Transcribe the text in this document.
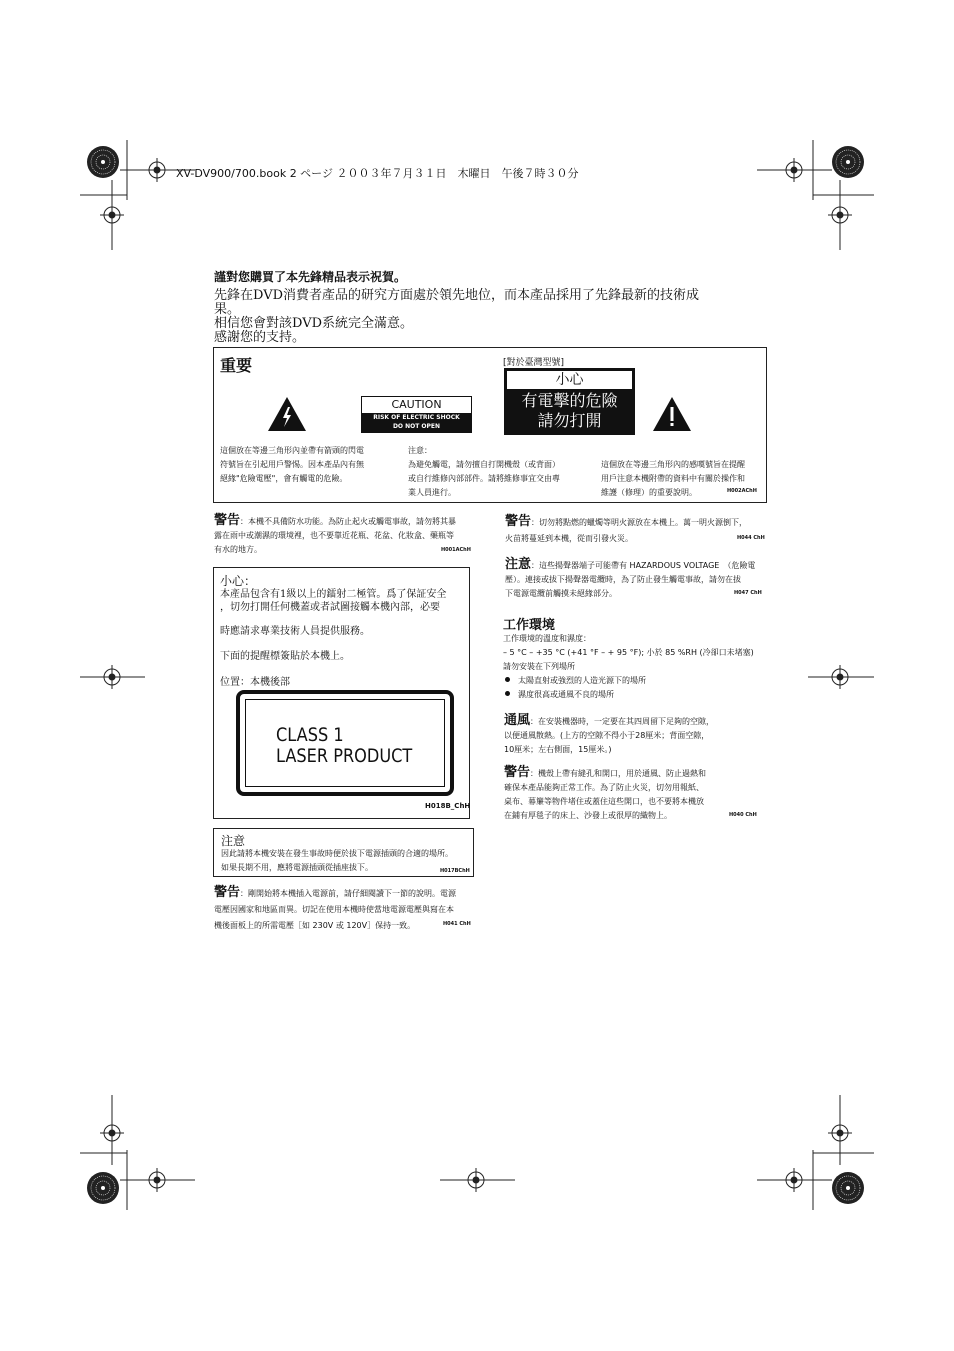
XV-DV900/700.book 2 ページ ２００３年７月３１日　木曜日　午後７時３０分
謹對您購買了本先鋒精品表示祝賀。
先鋒在DVD消費者產品的研究方面處於領先地位，而本產品採用了先鋒最新的技術成
果。
相信您會對該DVD系統完全滿意。
感謝您的支持。
重要	[對於臺灣型號]
CAUTION
RISK OF ELECTRIC SHOCK
DO NOT OPEN
小心
有電擊的危險
請勿打開
這個放在等邊三角形內並帶有箭頭的閃電
符號旨在引起用戶警惕。因本產品內有無
絕緣"危險電壓"，會有觸電的危險。
注意：
為避免觸電，請勿擅自打開機殼（或背面）
或自行維修內部部件。請將維修事宜交由專
業人員進行。
這個放在等邊三角形內的感嘆號旨在提醒
用戶注意本機附帶的資料中有關於操作和
維護（修理）的重要說明。	H002AChH
警告：本機不具備防水功能。為防止起火或觸電事故，請勿將其暴
露在雨中或潮濕的環境裡，也不要靠近花瓶、花盆、化妝盒、藥瓶等
有水的地方。	H001AChH
小心：
本產品包含有1級以上的鐳射二極管。爲了保証安全
，切勿打開任何機蓋或者試圖接觸本機內部，必要
時應請求專業技術人員提供服務。
下面的提醒標簽貼於本機上。
位置：本機後部
CLASS 1
LASER PRODUCT
H018B_ChH
注意
因此請將本機安裝在發生事故時便於拔下電源插頭的合適的場所。
如果長期不用，應將電源插頭從插座拔下。	H017BChH
警告：剛開始將本機插入電源前，請仔細閱讀下一節的說明。電源
電壓因國家和地區而異。切記在使用本機時使當地電源電壓與寫在本
機後面板上的所需電壓［如 230V 或 120V］保持一致。	H041 ChH
警告：切勿將點燃的蠟燭等明火源放在本機上。萬一明火源倒下，
火苗將蔓延到本機，從而引發火災。	H044 ChH
注意：這些揚聲器端子可能帶有 HAZARDOUS VOLTAGE　（危險電
壓）。連接或拔下揚聲器電纜時，為了防止發生觸電事故，請勿在拔
下電源電纜前觸摸未絕緣部分。	H047 ChH
工作環境
工作環境的溫度和濕度：
– 5 °C – +35 °C (+41 °F – + 95 °F); 小於 85 %RH (冷卻口未堵塞)
請勿安裝在下列場所
太陽直射或強烈的人造光源下的場所
濕度很高或通風不良的場所
通風：在安裝機器時，一定要在其四周留下足夠的空隙，
以便通風散熱。(上方的空隙不得小于28厘米；背面空隙，
10厘米；左右側面，15厘米。)
警告：機殼上帶有縫孔和開口，用於通風、防止過熱和
確保本產品能夠正常工作。為了防止火災，切勿用報紙、
桌布、幕簾等物件堵住或蓋住這些開口，也不要將本機放
在鋪有厚毯子的床上、沙發上或很厚的織物上。	H040 ChH
